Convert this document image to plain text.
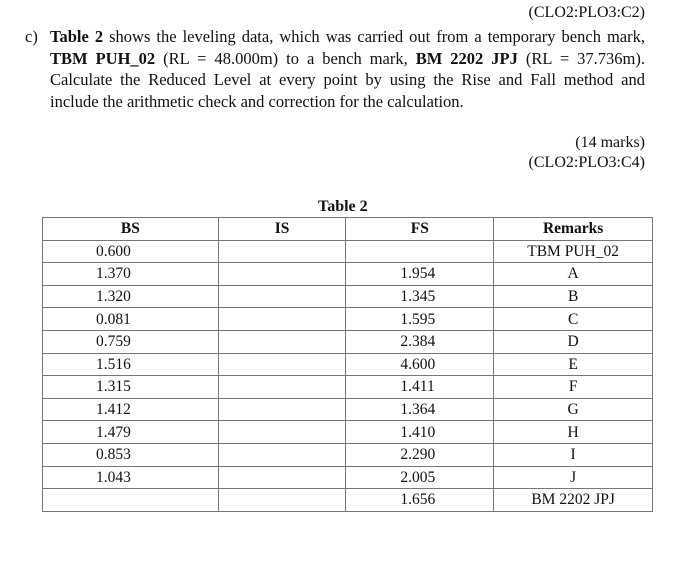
(CLO2:PLO3:C2)
c) Table 2 shows the leveling data, which was carried out from a temporary bench mark, TBM PUH_02 (RL = 48.000m) to a bench mark, BM 2202 JPJ (RL = 37.736m). Calculate the Reduced Level at every point by using the Rise and Fall method and include the arithmetic check and correction for the calculation.
(14 marks)
(CLO2:PLO3:C4)
Table 2
BS	IS	FS	Remarks
0.600			TBM PUH_02
1.370		1.954	A
1.320		1.345	B
0.081		1.595	C
0.759		2.384	D
1.516		4.600	E
1.315		1.411	F
1.412		1.364	G
1.479		1.410	H
0.853		2.290	I
1.043		2.005	J
		1.656	BM 2202 JPJ
